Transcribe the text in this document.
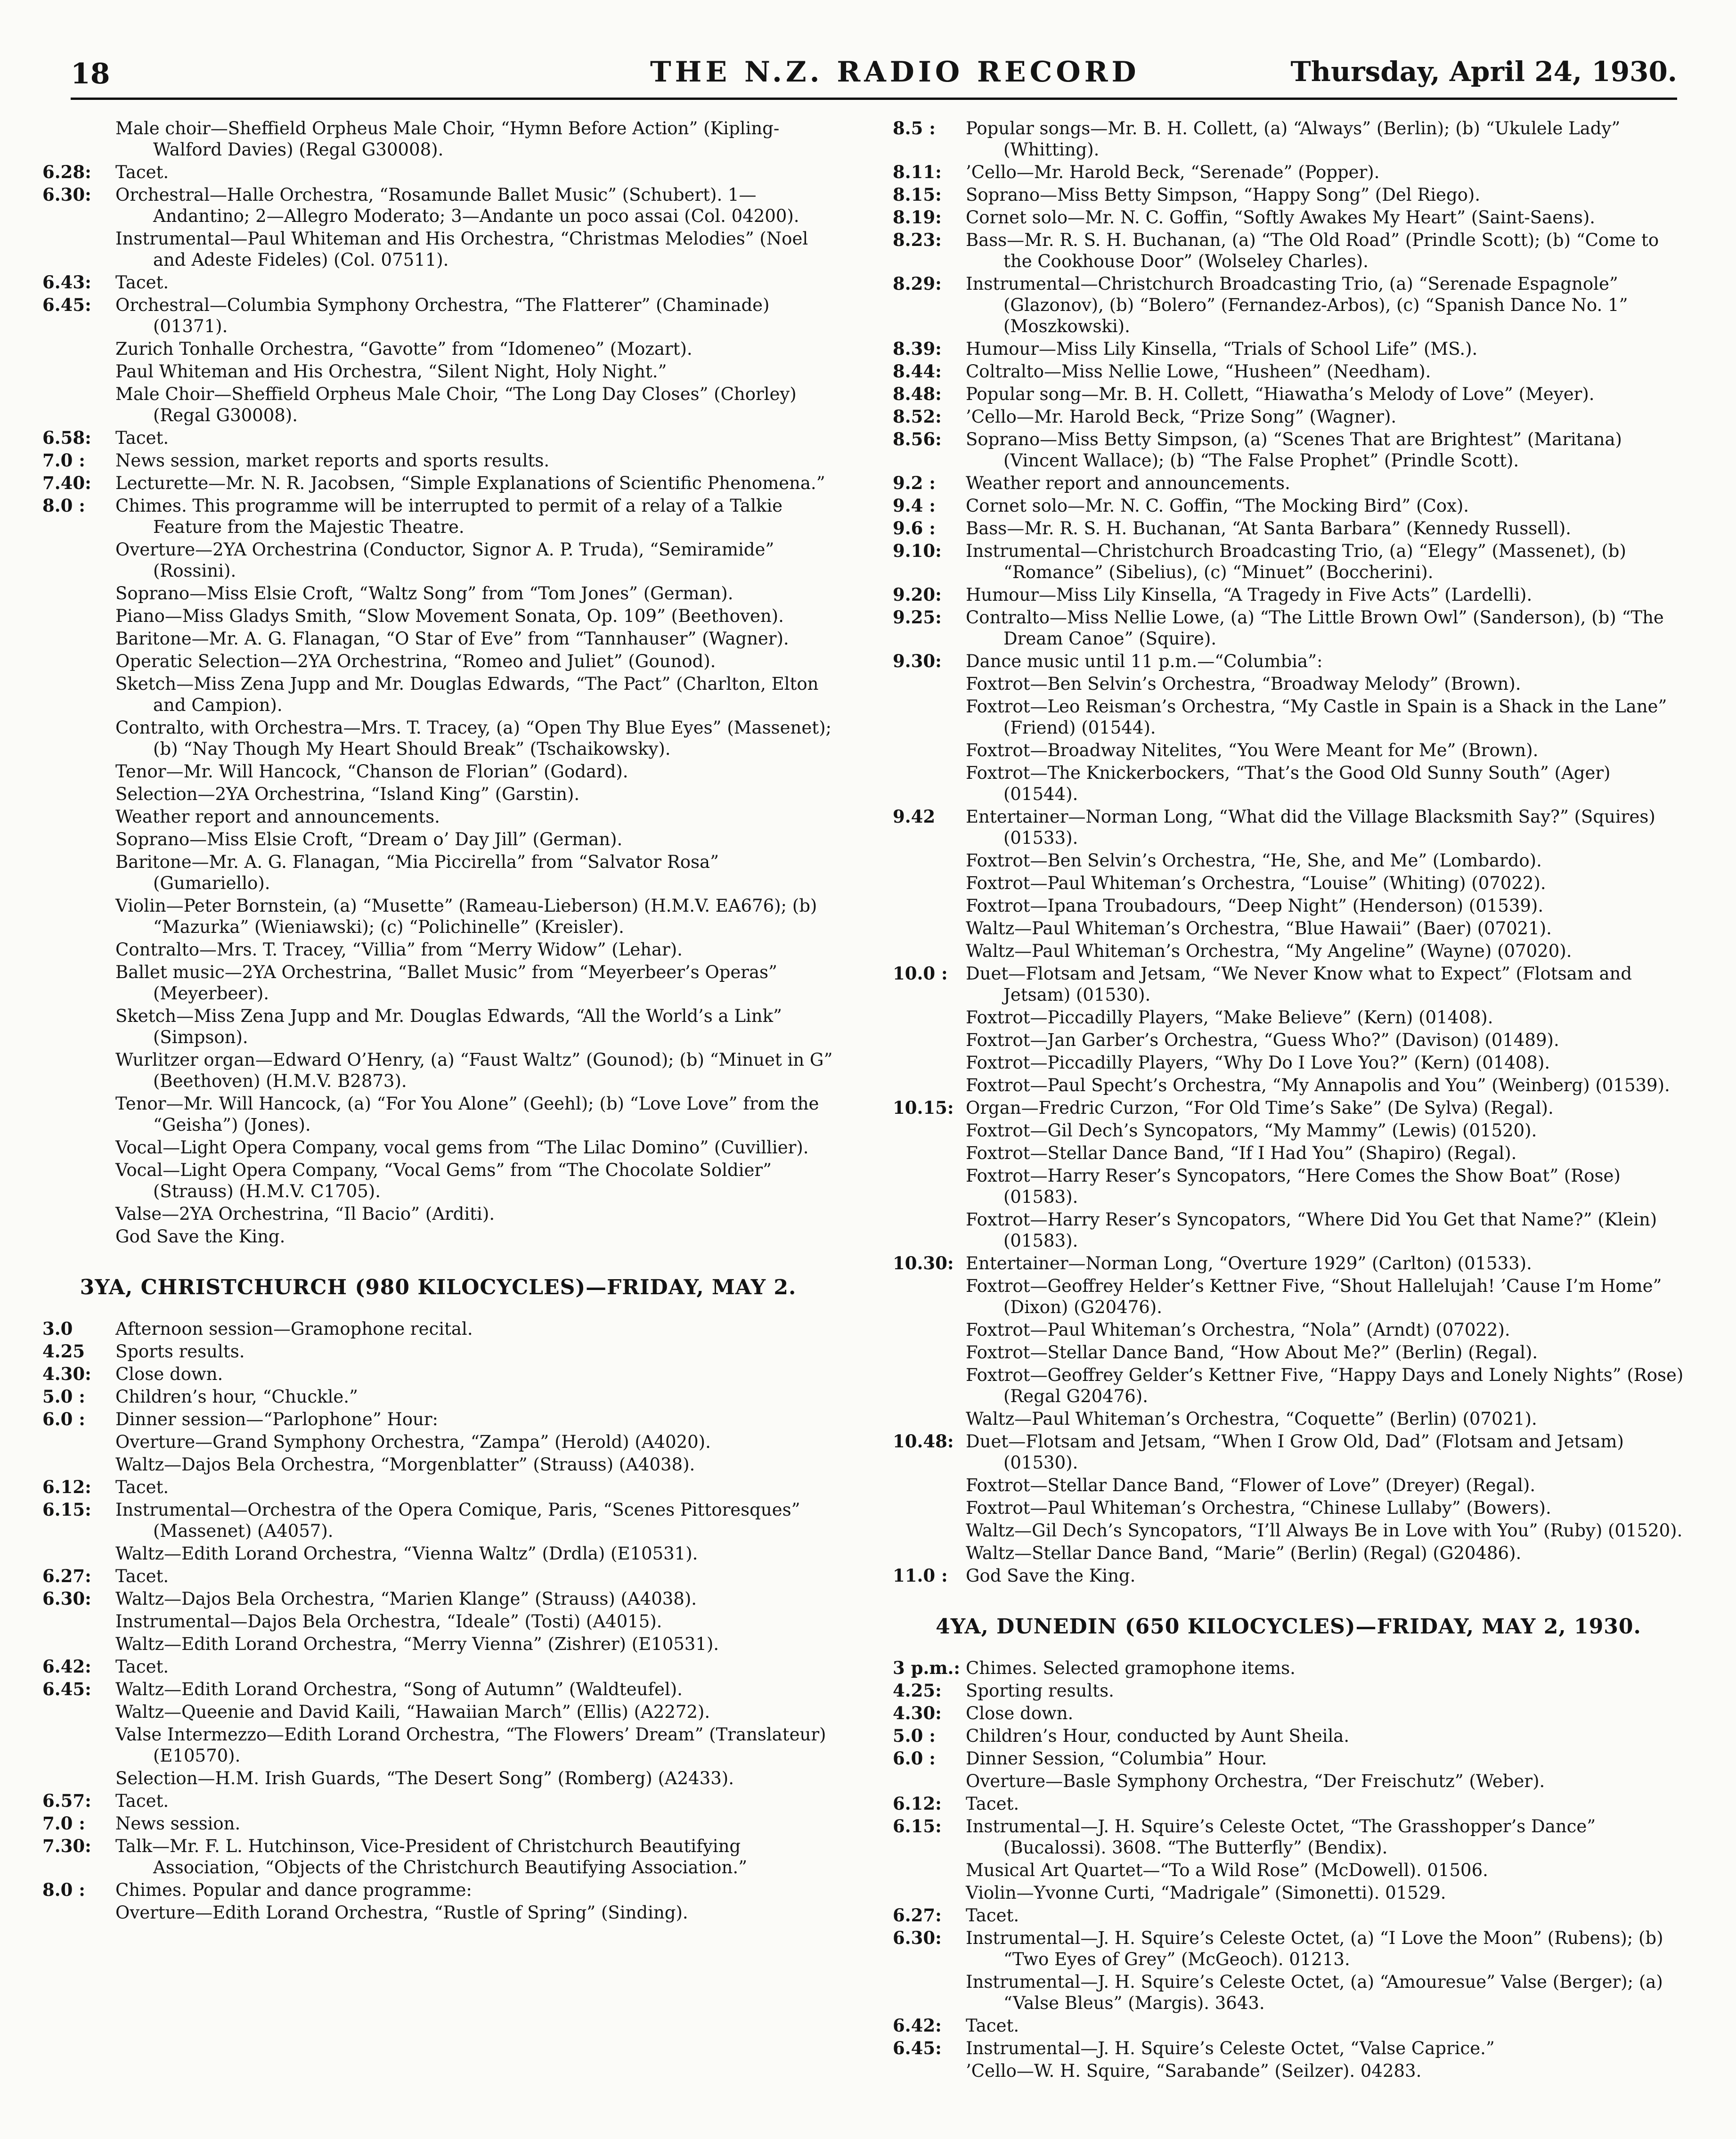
18	THE N.Z. RADIO RECORD	Thursday, April 24, 1930.
Male choir—Sheffield Orpheus Male Choir, “Hymn Before Action” (Kipling-Walford Davies) (Regal G30008).
6.28: Tacet.
6.30: Orchestral—Halle Orchestra, “Rosamunde Ballet Music” (Schubert). 1—Andantino; 2—Allegro Moderato; 3—Andante un poco assai (Col. 04200).
Instrumental—Paul Whiteman and His Orchestra, “Christmas Melodies” (Noel and Adeste Fideles) (Col. 07511).
6.43: Tacet.
6.45: Orchestral—Columbia Symphony Orchestra, “The Flatterer” (Chaminade) (01371).
Zurich Tonhalle Orchestra, “Gavotte” from “Idomeneo” (Mozart).
Paul Whiteman and His Orchestra, “Silent Night, Holy Night.”
Male Choir—Sheffield Orpheus Male Choir, “The Long Day Closes” (Chorley) (Regal G30008).
6.58: Tacet.
7.0 : News session, market reports and sports results.
7.40: Lecturette—Mr. N. R. Jacobsen, “Simple Explanations of Scientific Phenomena.”
8.0 : Chimes. This programme will be interrupted to permit of a relay of a Talkie Feature from the Majestic Theatre.
Overture—2YA Orchestrina (Conductor, Signor A. P. Truda), “Semiramide” (Rossini).
Soprano—Miss Elsie Croft, “Waltz Song” from “Tom Jones” (German).
Piano—Miss Gladys Smith, “Slow Movement Sonata, Op. 109” (Beethoven).
Baritone—Mr. A. G. Flanagan, “O Star of Eve” from “Tannhauser” (Wagner).
Operatic Selection—2YA Orchestrina, “Romeo and Juliet” (Gounod).
Sketch—Miss Zena Jupp and Mr. Douglas Edwards, “The Pact” (Charlton, Elton and Campion).
Contralto, with Orchestra—Mrs. T. Tracey, (a) “Open Thy Blue Eyes” (Massenet); (b) “Nay Though My Heart Should Break” (Tschaikowsky).
Tenor—Mr. Will Hancock, “Chanson de Florian” (Godard).
Selection—2YA Orchestrina, “Island King” (Garstin).
Weather report and announcements.
Soprano—Miss Elsie Croft, “Dream o’ Day Jill” (German).
Baritone—Mr. A. G. Flanagan, “Mia Piccirella” from “Salvator Rosa” (Gumariello).
Violin—Peter Bornstein, (a) “Musette” (Rameau-Lieberson) (H.M.V. EA676); (b) “Mazurka” (Wieniawski); (c) “Polichinelle” (Kreisler).
Contralto—Mrs. T. Tracey, “Villia” from “Merry Widow” (Lehar).
Ballet music—2YA Orchestrina, “Ballet Music” from “Meyerbeer’s Operas” (Meyerbeer).
Sketch—Miss Zena Jupp and Mr. Douglas Edwards, “All the World’s a Link” (Simpson).
Wurlitzer organ—Edward O’Henry, (a) “Faust Waltz” (Gounod); (b) “Minuet in G” (Beethoven) (H.M.V. B2873).
Tenor—Mr. Will Hancock, (a) “For You Alone” (Geehl); (b) “Love Love” from the “Geisha”) (Jones).
Vocal—Light Opera Company, vocal gems from “The Lilac Domino” (Cuvillier).
Vocal—Light Opera Company, “Vocal Gems” from “The Chocolate Soldier” (Strauss) (H.M.V. C1705).
Valse—2YA Orchestrina, “Il Bacio” (Arditi).
God Save the King.
3YA, CHRISTCHURCH (980 KILOCYCLES)—FRIDAY, MAY 2.
3.0 Afternoon session—Gramophone recital.
4.25 Sports results.
4.30: Close down.
5.0 : Children’s hour, “Chuckle.”
6.0 : Dinner session—“Parlophone” Hour:
Overture—Grand Symphony Orchestra, “Zampa” (Herold) (A4020).
Waltz—Dajos Bela Orchestra, “Morgenblatter” (Strauss) (A4038).
6.12: Tacet.
6.15: Instrumental—Orchestra of the Opera Comique, Paris, “Scenes Pittoresques” (Massenet) (A4057).
Waltz—Edith Lorand Orchestra, “Vienna Waltz” (Drdla) (E10531).
6.27: Tacet.
6.30: Waltz—Dajos Bela Orchestra, “Marien Klange” (Strauss) (A4038).
Instrumental—Dajos Bela Orchestra, “Ideale” (Tosti) (A4015).
Waltz—Edith Lorand Orchestra, “Merry Vienna” (Zishrer) (E10531).
6.42: Tacet.
6.45: Waltz—Edith Lorand Orchestra, “Song of Autumn” (Waldteufel).
Waltz—Queenie and David Kaili, “Hawaiian March” (Ellis) (A2272).
Valse Intermezzo—Edith Lorand Orchestra, “The Flowers’ Dream” (Translateur) (E10570).
Selection—H.M. Irish Guards, “The Desert Song” (Romberg) (A2433).
6.57: Tacet.
7.0 : News session.
7.30: Talk—Mr. F. L. Hutchinson, Vice-President of Christchurch Beautifying Association, “Objects of the Christchurch Beautifying Association.”
8.0 : Chimes. Popular and dance programme:
Overture—Edith Lorand Orchestra, “Rustle of Spring” (Sinding).
8.5 : Popular songs—Mr. B. H. Collett, (a) “Always” (Berlin); (b) “Ukulele Lady” (Whitting).
8.11: ’Cello—Mr. Harold Beck, “Serenade” (Popper).
8.15: Soprano—Miss Betty Simpson, “Happy Song” (Del Riego).
8.19: Cornet solo—Mr. N. C. Goffin, “Softly Awakes My Heart” (Saint-Saens).
8.23: Bass—Mr. R. S. H. Buchanan, (a) “The Old Road” (Prindle Scott); (b) “Come to the Cookhouse Door” (Wolseley Charles).
8.29: Instrumental—Christchurch Broadcasting Trio, (a) “Serenade Espagnole” (Glazonov), (b) “Bolero” (Fernandez-Arbos), (c) “Spanish Dance No. 1” (Moszkowski).
8.39: Humour—Miss Lily Kinsella, “Trials of School Life” (MS.).
8.44: Coltralto—Miss Nellie Lowe, “Husheen” (Needham).
8.48: Popular song—Mr. B. H. Collett, “Hiawatha’s Melody of Love” (Meyer).
8.52: ’Cello—Mr. Harold Beck, “Prize Song” (Wagner).
8.56: Soprano—Miss Betty Simpson, (a) “Scenes That are Brightest” (Maritana) (Vincent Wallace); (b) “The False Prophet” (Prindle Scott).
9.2 : Weather report and announcements.
9.4 : Cornet solo—Mr. N. C. Goffin, “The Mocking Bird” (Cox).
9.6 : Bass—Mr. R. S. H. Buchanan, “At Santa Barbara” (Kennedy Russell).
9.10: Instrumental—Christchurch Broadcasting Trio, (a) “Elegy” (Massenet), (b) “Romance” (Sibelius), (c) “Minuet” (Boccherini).
9.20: Humour—Miss Lily Kinsella, “A Tragedy in Five Acts” (Lardelli).
9.25: Contralto—Miss Nellie Lowe, (a) “The Little Brown Owl” (Sanderson), (b) “The Dream Canoe” (Squire).
9.30: Dance music until 11 p.m.—“Columbia”:
Foxtrot—Ben Selvin’s Orchestra, “Broadway Melody” (Brown).
Foxtrot—Leo Reisman’s Orchestra, “My Castle in Spain is a Shack in the Lane” (Friend) (01544).
Foxtrot—Broadway Nitelites, “You Were Meant for Me” (Brown).
Foxtrot—The Knickerbockers, “That’s the Good Old Sunny South” (Ager) (01544).
9.42 Entertainer—Norman Long, “What did the Village Blacksmith Say?” (Squires) (01533).
Foxtrot—Ben Selvin’s Orchestra, “He, She, and Me” (Lombardo).
Foxtrot—Paul Whiteman’s Orchestra, “Louise” (Whiting) (07022).
Foxtrot—Ipana Troubadours, “Deep Night” (Henderson) (01539).
Waltz—Paul Whiteman’s Orchestra, “Blue Hawaii” (Baer) (07021).
Waltz—Paul Whiteman’s Orchestra, “My Angeline” (Wayne) (07020).
10.0 : Duet—Flotsam and Jetsam, “We Never Know what to Expect” (Flotsam and Jetsam) (01530).
Foxtrot—Piccadilly Players, “Make Believe” (Kern) (01408).
Foxtrot—Jan Garber’s Orchestra, “Guess Who?” (Davison) (01489).
Foxtrot—Piccadilly Players, “Why Do I Love You?” (Kern) (01408).
Foxtrot—Paul Specht’s Orchestra, “My Annapolis and You” (Weinberg) (01539).
10.15: Organ—Fredric Curzon, “For Old Time’s Sake” (De Sylva) (Regal).
Foxtrot—Gil Dech’s Syncopators, “My Mammy” (Lewis) (01520).
Foxtrot—Stellar Dance Band, “If I Had You” (Shapiro) (Regal).
Foxtrot—Harry Reser’s Syncopators, “Here Comes the Show Boat” (Rose) (01583).
Foxtrot—Harry Reser’s Syncopators, “Where Did You Get that Name?” (Klein) (01583).
10.30: Entertainer—Norman Long, “Overture 1929” (Carlton) (01533).
Foxtrot—Geoffrey Helder’s Kettner Five, “Shout Hallelujah! ’Cause I’m Home” (Dixon) (G20476).
Foxtrot—Paul Whiteman’s Orchestra, “Nola” (Arndt) (07022).
Foxtrot—Stellar Dance Band, “How About Me?” (Berlin) (Regal).
Foxtrot—Geoffrey Gelder’s Kettner Five, “Happy Days and Lonely Nights” (Rose) (Regal G20476).
Waltz—Paul Whiteman’s Orchestra, “Coquette” (Berlin) (07021).
10.48: Duet—Flotsam and Jetsam, “When I Grow Old, Dad” (Flotsam and Jetsam) (01530).
Foxtrot—Stellar Dance Band, “Flower of Love” (Dreyer) (Regal).
Foxtrot—Paul Whiteman’s Orchestra, “Chinese Lullaby” (Bowers).
Waltz—Gil Dech’s Syncopators, “I’ll Always Be in Love with You” (Ruby) (01520).
Waltz—Stellar Dance Band, “Marie” (Berlin) (Regal) (G20486).
11.0 : God Save the King.
4YA, DUNEDIN (650 KILOCYCLES)—FRIDAY, MAY 2, 1930.
3 p.m.: Chimes. Selected gramophone items.
4.25: Sporting results.
4.30: Close down.
5.0 : Children’s Hour, conducted by Aunt Sheila.
6.0 : Dinner Session, “Columbia” Hour.
Overture—Basle Symphony Orchestra, “Der Freischutz” (Weber).
6.12: Tacet.
6.15: Instrumental—J. H. Squire’s Celeste Octet, “The Grasshopper’s Dance” (Bucalossi). 3608. “The Butterfly” (Bendix).
Musical Art Quartet—“To a Wild Rose” (McDowell). 01506.
Violin—Yvonne Curti, “Madrigale” (Simonetti). 01529.
6.27: Tacet.
6.30: Instrumental—J. H. Squire’s Celeste Octet, (a) “I Love the Moon” (Rubens); (b) “Two Eyes of Grey” (McGeoch). 01213.
Instrumental—J. H. Squire’s Celeste Octet, (a) “Amouresue” Valse (Berger); (a) “Valse Bleus” (Margis). 3643.
6.42: Tacet.
6.45: Instrumental—J. H. Squire’s Celeste Octet, “Valse Caprice.”
’Cello—W. H. Squire, “Sarabande” (Seilzer). 04283.
